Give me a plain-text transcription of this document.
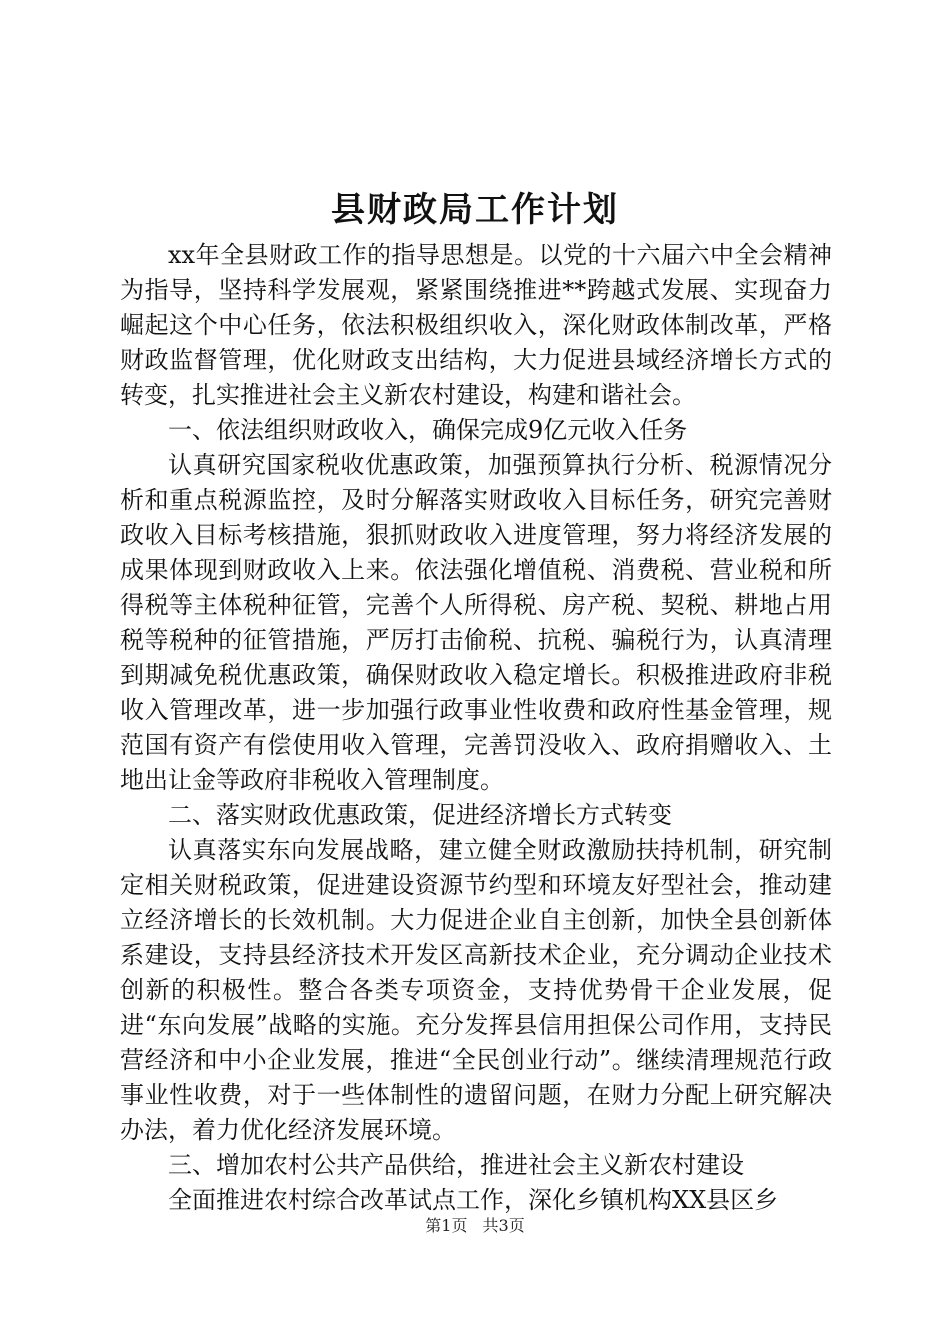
县财政局工作计划

xx年全县财政工作的指导思想是。以党的十六届六中全会精神为指导，坚持科学发展观，紧紧围绕推进**跨越式发展、实现奋力崛起这个中心任务，依法积极组织收入，深化财政体制改革，严格财政监督管理，优化财政支出结构，大力促进县域经济增长方式的转变，扎实推进社会主义新农村建设，构建和谐社会。

一、依法组织财政收入，确保完成9亿元收入任务

认真研究国家税收优惠政策，加强预算执行分析、税源情况分析和重点税源监控，及时分解落实财政收入目标任务，研究完善财政收入目标考核措施，狠抓财政收入进度管理，努力将经济发展的成果体现到财政收入上来。依法强化增值税、消费税、营业税和所得税等主体税种征管，完善个人所得税、房产税、契税、耕地占用税等税种的征管措施，严厉打击偷税、抗税、骗税行为，认真清理到期减免税优惠政策，确保财政收入稳定增长。积极推进政府非税收入管理改革，进一步加强行政事业性收费和政府性基金管理，规范国有资产有偿使用收入管理，完善罚没收入、政府捐赠收入、土地出让金等政府非税收入管理制度。

二、落实财政优惠政策，促进经济增长方式转变

认真落实东向发展战略，建立健全财政激励扶持机制，研究制定相关财税政策，促进建设资源节约型和环境友好型社会，推动建立经济增长的长效机制。大力促进企业自主创新，加快全县创新体系建设，支持县经济技术开发区高新技术企业，充分调动企业技术创新的积极性。整合各类专项资金，支持优势骨干企业发展，促进“东向发展”战略的实施。充分发挥县信用担保公司作用，支持民营经济和中小企业发展，推进“全民创业行动”。继续清理规范行政事业性收费，对于一些体制性的遗留问题，在财力分配上研究解决办法，着力优化经济发展环境。

三、增加农村公共产品供给，推进社会主义新农村建设

全面推进农村综合改革试点工作，深化乡镇机构XX县区乡

第1页 共3页
